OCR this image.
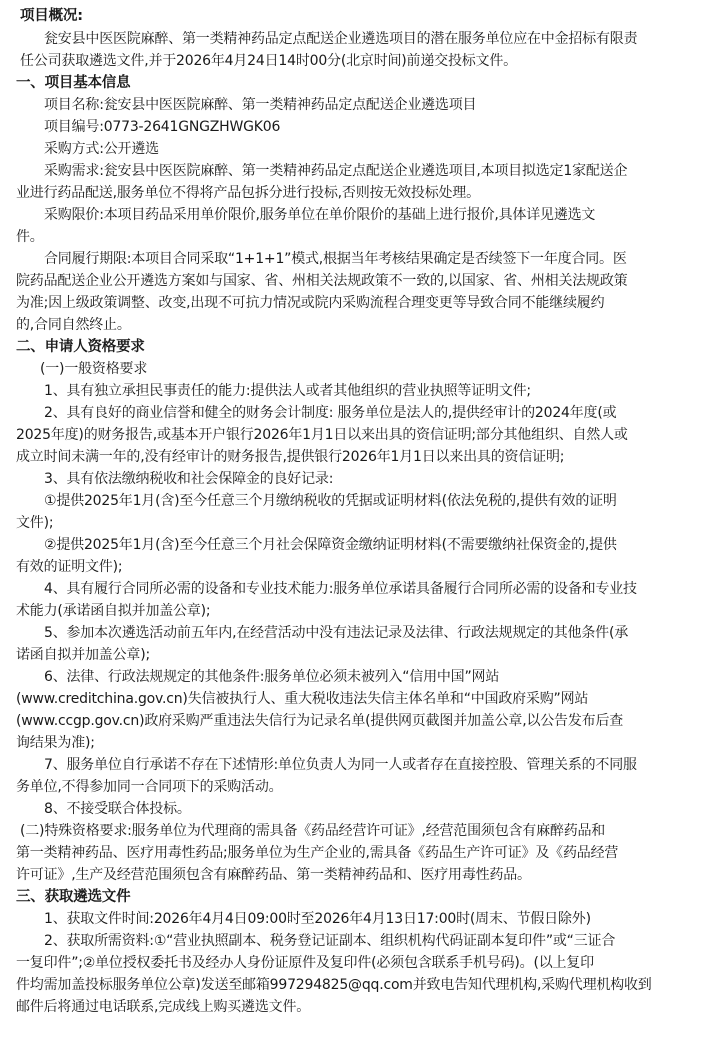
项目概况:
瓮安县中医医院麻醉、第一类精神药品定点配送企业遴选项目的潜在服务单位应在中金招标有限责
任公司获取遴选文件,并于2026年4月24日14时00分(北京时间)前递交投标文件。
一、项目基本信息
项目名称:瓮安县中医医院麻醉、第一类精神药品定点配送企业遴选项目
项目编号:0773-2641GNGZHWGK06
采购方式:公开遴选
采购需求:瓮安县中医医院麻醉、第一类精神药品定点配送企业遴选项目,本项目拟选定1家配送企
业进行药品配送,服务单位不得将产品包拆分进行投标,否则按无效投标处理。
采购限价:本项目药品采用单价限价,服务单位在单价限价的基础上进行报价,具体详见遴选文
件。
合同履行期限:本项目合同采取“1+1+1”模式,根据当年考核结果确定是否续签下一年度合同。医
院药品配送企业公开遴选方案如与国家、省、州相关法规政策不一致的,以国家、省、州相关法规政策
为准;因上级政策调整、改变,出现不可抗力情况或院内采购流程合理变更等导致合同不能继续履约
的,合同自然终止。
二、申请人资格要求
(一)一般资格要求
1、具有独立承担民事责任的能力:提供法人或者其他组织的营业执照等证明文件;
2、具有良好的商业信誉和健全的财务会计制度: 服务单位是法人的,提供经审计的2024年度(或
2025年度)的财务报告,或基本开户银行2026年1月1日以来出具的资信证明;部分其他组织、自然人或
成立时间未满一年的,没有经审计的财务报告,提供银行2026年1月1日以来出具的资信证明;
3、具有依法缴纳税收和社会保障金的良好记录:
①提供2025年1月(含)至今任意三个月缴纳税收的凭据或证明材料(依法免税的,提供有效的证明
文件);
②提供2025年1月(含)至今任意三个月社会保障资金缴纳证明材料(不需要缴纳社保资金的,提供
有效的证明文件);
4、具有履行合同所必需的设备和专业技术能力:服务单位承诺具备履行合同所必需的设备和专业技
术能力(承诺函自拟并加盖公章);
5、参加本次遴选活动前五年内,在经营活动中没有违法记录及法律、行政法规规定的其他条件(承
诺函自拟并加盖公章);
6、法律、行政法规规定的其他条件:服务单位必须未被列入“信用中国”网站
(www.creditchina.gov.cn)失信被执行人、重大税收违法失信主体名单和“中国政府采购”网站
(www.ccgp.gov.cn)政府采购严重违法失信行为记录名单(提供网页截图并加盖公章,以公告发布后查
询结果为准);
7、服务单位自行承诺不存在下述情形:单位负责人为同一人或者存在直接控股、管理关系的不同服
务单位,不得参加同一合同项下的采购活动。
8、不接受联合体投标。
(二)特殊资格要求:服务单位为代理商的需具备《药品经营许可证》,经营范围须包含有麻醉药品和
第一类精神药品、医疗用毒性药品;服务单位为生产企业的,需具备《药品生产许可证》及《药品经营
许可证》,生产及经营范围须包含有麻醉药品、第一类精神药品和、医疗用毒性药品。
三、获取遴选文件
1、获取文件时间:2026年4月4日09:00时至2026年4月13日17:00时(周末、节假日除外)
2、获取所需资料:①“营业执照副本、税务登记证副本、组织机构代码证副本复印件”或“三证合
一复印件”;②单位授权委托书及经办人身份证原件及复印件(必须包含联系手机号码)。(以上复印
件均需加盖投标服务单位公章)发送至邮箱997294825@qq.com并致电告知代理机构,采购代理机构收到
邮件后将通过电话联系,完成线上购买遴选文件。
